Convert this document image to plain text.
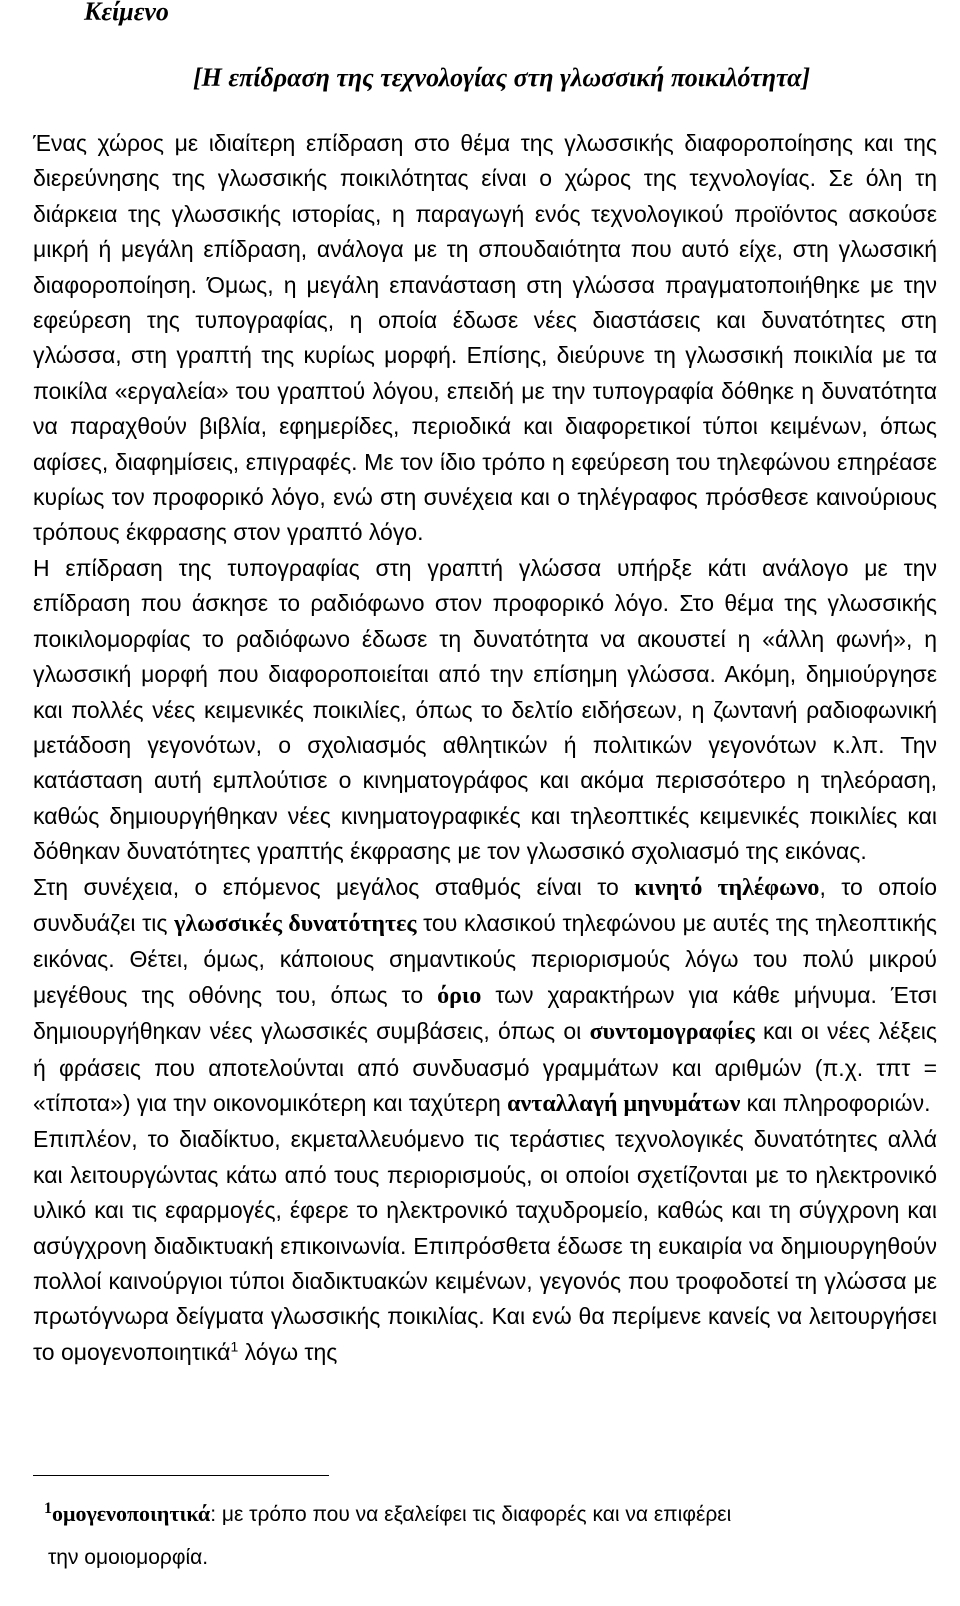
Κείμενο
[Η επίδραση της τεχνολογίας στη γλωσσική ποικιλότητα]

Ένας χώρος με ιδιαίτερη επίδραση στο θέμα της γλωσσικής διαφοροποίησης και της διερεύνησης της γλωσσικής ποικιλότητας είναι ο χώρος της τεχνολογίας. Σε όλη τη διάρκεια της γλωσσικής ιστορίας, η παραγωγή ενός τεχνολογικού προϊόντος ασκούσε μικρή ή μεγάλη επίδραση, ανάλογα με τη σπουδαιότητα που αυτό είχε, στη γλωσσική διαφοροποίηση. Όμως, η μεγάλη επανάσταση στη γλώσσα πραγματοποιήθηκε με την εφεύρεση της τυπογραφίας, η οποία έδωσε νέες διαστάσεις και δυνατότητες στη γλώσσα, στη γραπτή της κυρίως μορφή. Επίσης, διεύρυνε τη γλωσσική ποικιλία με τα ποικίλα «εργαλεία» του γραπτού λόγου, επειδή με την τυπογραφία δόθηκε η δυνατότητα να παραχθούν βιβλία, εφημερίδες, περιοδικά και διαφορετικοί τύποι κειμένων, όπως αφίσες, διαφημίσεις, επιγραφές. Με τον ίδιο τρόπο η εφεύρεση του τηλεφώνου επηρέασε κυρίως τον προφορικό λόγο, ενώ στη συνέχεια και ο τηλέγραφος πρόσθεσε καινούριους τρόπους έκφρασης στον γραπτό λόγο.

Η επίδραση της τυπογραφίας στη γραπτή γλώσσα υπήρξε κάτι ανάλογο με την επίδραση που άσκησε το ραδιόφωνο στον προφορικό λόγο. Στο θέμα της γλωσσικής ποικιλομορφίας το ραδιόφωνο έδωσε τη δυνατότητα να ακουστεί η «άλλη φωνή», η γλωσσική μορφή που διαφοροποιείται από την επίσημη γλώσσα. Ακόμη, δημιούργησε και πολλές νέες κειμενικές ποικιλίες, όπως το δελτίο ειδήσεων, η ζωντανή ραδιοφωνική μετάδοση γεγονότων, ο σχολιασμός αθλητικών ή πολιτικών γεγονότων κ.λπ. Την κατάσταση αυτή εμπλούτισε ο κινηματογράφος και ακόμα περισσότερο η τηλεόραση, καθώς δημιουργήθηκαν νέες κινηματογραφικές και τηλεοπτικές κειμενικές ποικιλίες και δόθηκαν δυνατότητες γραπτής έκφρασης με τον γλωσσικό σχολιασμό της εικόνας.

Στη συνέχεια, ο επόμενος μεγάλος σταθμός είναι το κινητό τηλέφωνο, το οποίο συνδυάζει τις γλωσσικές δυνατότητες του κλασικού τηλεφώνου με αυτές της τηλεοπτικής εικόνας. Θέτει, όμως, κάποιους σημαντικούς περιορισμούς λόγω του πολύ μικρού μεγέθους της οθόνης του, όπως το όριο των χαρακτήρων για κάθε μήνυμα. Έτσι δημιουργήθηκαν νέες γλωσσικές συμβάσεις, όπως οι συντομογραφίες και οι νέες λέξεις ή φράσεις που αποτελούνται από συνδυασμό γραμμάτων και αριθμών (π.χ. τπτ = «τίποτα») για την οικονομικότερη και ταχύτερη ανταλλαγή μηνυμάτων και πληροφοριών.

Επιπλέον, το διαδίκτυο, εκμεταλλευόμενο τις τεράστιες τεχνολογικές δυνατότητες αλλά και λειτουργώντας κάτω από τους περιορισμούς, οι οποίοι σχετίζονται με το ηλεκτρονικό υλικό και τις εφαρμογές, έφερε το ηλεκτρονικό ταχυδρομείο, καθώς και τη σύγχρονη και ασύγχρονη διαδικτυακή επικοινωνία. Επιπρόσθετα έδωσε τη ευκαιρία να δημιουργηθούν πολλοί καινούργιοι τύποι διαδικτυακών κειμένων, γεγονός που τροφοδοτεί τη γλώσσα με πρωτόγνωρα δείγματα γλωσσικής ποικιλίας. Και ενώ θα περίμενε κανείς να λειτουργήσει το ομογενοποιητικά$^1$ λόγω της

$^1$ομογενοποιητικά: με τρόπο που να εξαλείφει τις διαφορές και να επιφέρει
την ομοιομορφία.
